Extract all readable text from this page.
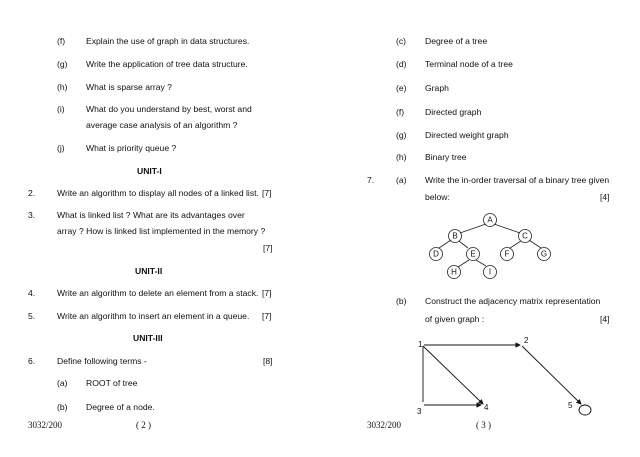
(f) Explain the use of graph in data structures.
(g) Write the application of tree data structure.
(h) What is sparse array ?
(i) What do you understand by best, worst and
average case analysis of an algorithm ?
(j) What is priority queue ?
UNIT-I
2.	Write an algorithm to display all nodes of a linked list. [7]
3.	What is linked list ? What are its advantages over
array ? How is linked list implemented in the memory ?
[7]
UNIT-II
4.	Write an algorithm to delete an element from a stack. [7]
5.	Write an algorithm to insert an element in a queue. [7]
UNIT-III
6.	Define following terms -	[8]
(a) ROOT of tree
(b) Degree of a node.
3032/200	( 2 )
(c) Degree of a tree
(d) Terminal node of a tree
(e) Graph
(f) Directed graph
(g) Directed weight graph
(h) Binary tree
7.	(a) Write the in-order traversal of a binary tree given
below:	[4]
A
B	C
D	E	F	G
H	I
(b) Construct the adjacency matrix representation
of given graph :	[4]
1	2
3	4	5
3032/200	( 3 )
